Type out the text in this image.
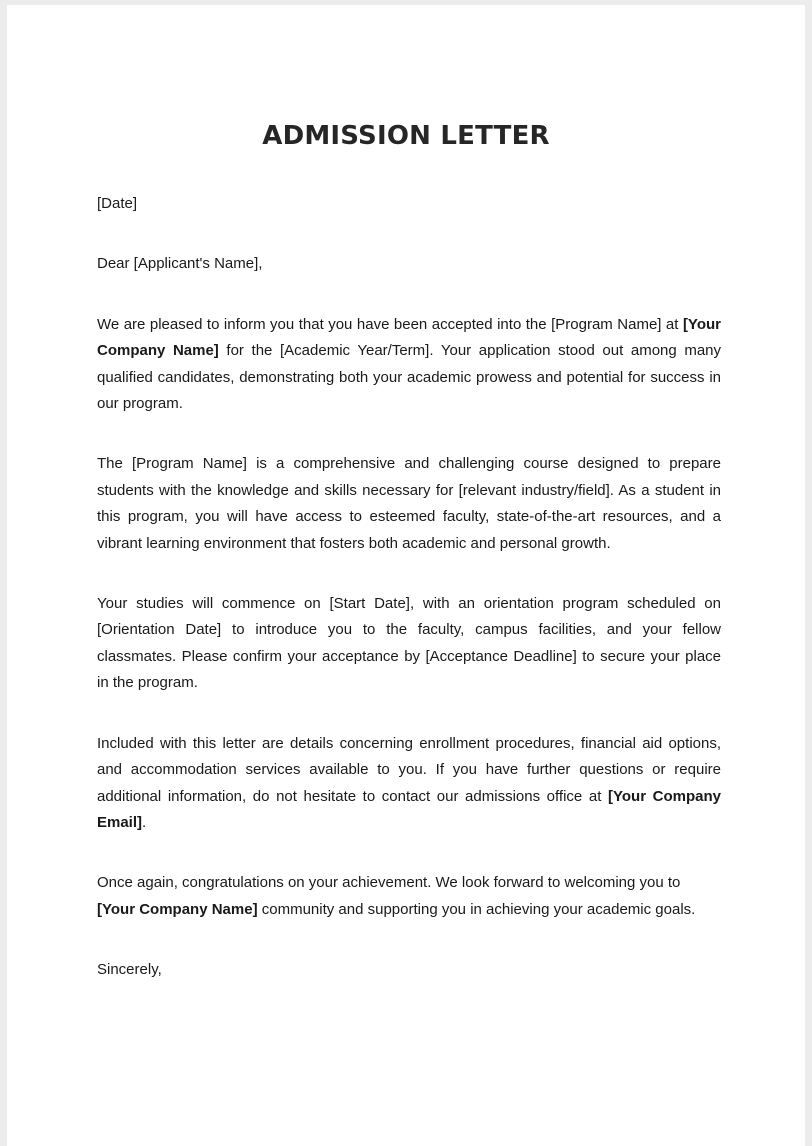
ADMISSION LETTER

[Date]

Dear [Applicant's Name],

We are pleased to inform you that you have been accepted into the [Program Name] at [Your Company Name] for the [Academic Year/Term]. Your application stood out among many qualified candidates, demonstrating both your academic prowess and potential for success in our program.

The [Program Name] is a comprehensive and challenging course designed to prepare students with the knowledge and skills necessary for [relevant industry/field]. As a student in this program, you will have access to esteemed faculty, state-of-the-art resources, and a vibrant learning environment that fosters both academic and personal growth.

Your studies will commence on [Start Date], with an orientation program scheduled on [Orientation Date] to introduce you to the faculty, campus facilities, and your fellow classmates. Please confirm your acceptance by [Acceptance Deadline] to secure your place in the program.

Included with this letter are details concerning enrollment procedures, financial aid options, and accommodation services available to you. If you have further questions or require additional information, do not hesitate to contact our admissions office at [Your Company Email].

Once again, congratulations on your achievement. We look forward to welcoming you to [Your Company Name] community and supporting you in achieving your academic goals.

Sincerely,
